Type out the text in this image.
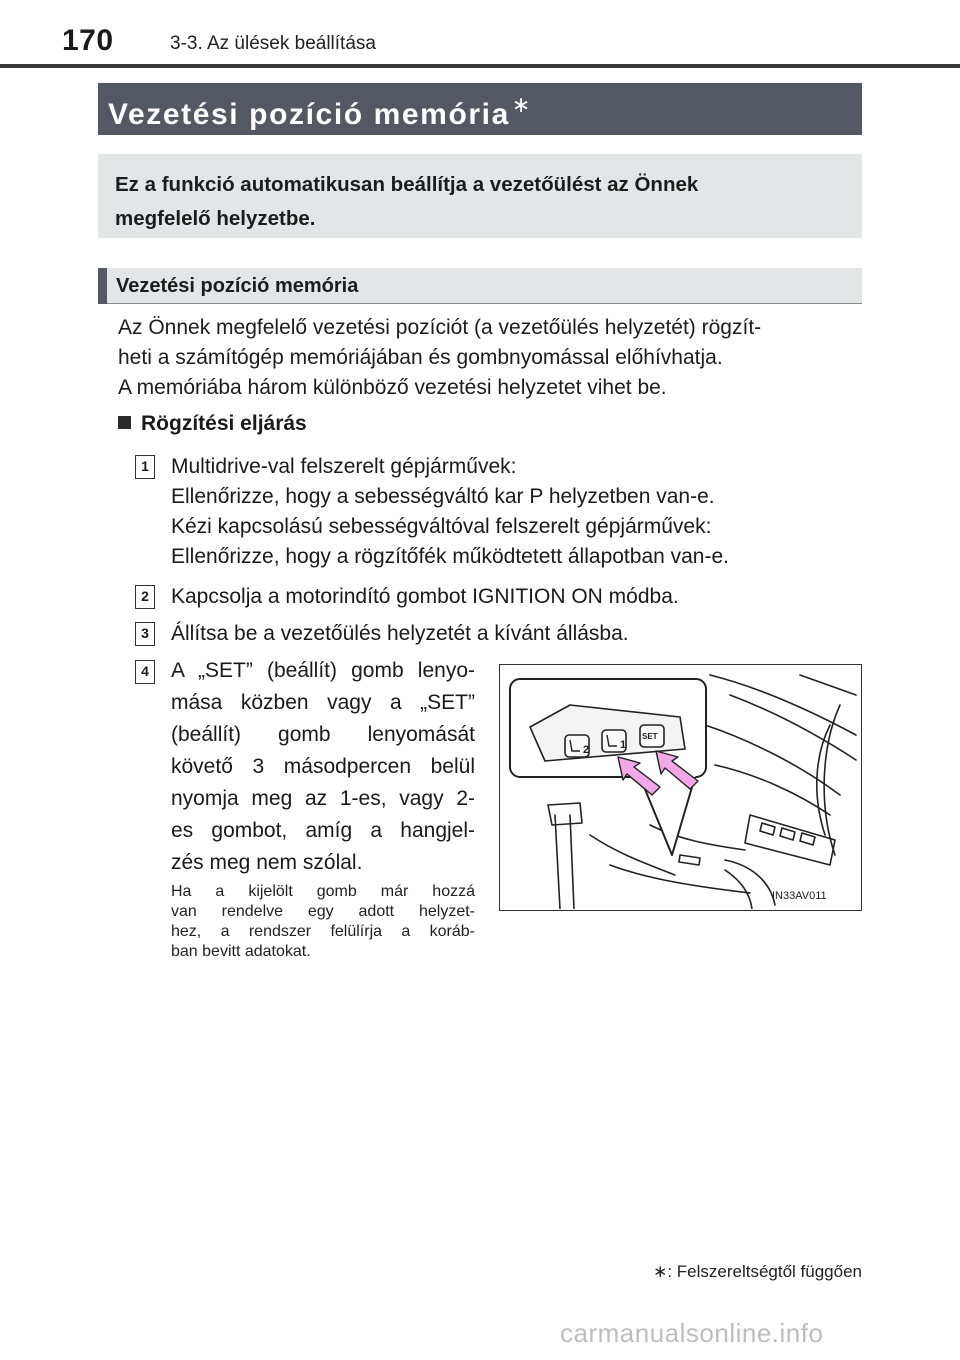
170	3-3. Az ülések beállítása
Vezetési pozíció memória∗
Ez a funkció automatikusan beállítja a vezetőülést az Önnek
megfelelő helyzetbe.
Vezetési pozíció memória
Az Önnek megfelelő vezetési pozíciót (a vezetőülés helyzetét) rögzít-
heti a számítógép memóriájában és gombnyomással előhívhatja.
A memóriába három különböző vezetési helyzetet vihet be.
Rögzítési eljárás
1 Multidrive-val felszerelt gépjárművek:
Ellenőrizze, hogy a sebességváltó kar P helyzetben van-e.
Kézi kapcsolású sebességváltóval felszerelt gépjárművek:
Ellenőrizze, hogy a rögzítőfék működtetett állapotban van-e.
2 Kapcsolja a motorindító gombot IGNITION ON módba.
3 Állítsa be a vezetőülés helyzetét a kívánt állásba.
4 A „SET” (beállít) gomb lenyo-
mása közben vagy a „SET”
(beállít) gomb lenyomását
követő 3 másodpercen belül
nyomja meg az 1-es, vagy 2-
es gombot, amíg a hangjel-
zés meg nem szólal.
Ha a kijelölt gomb már hozzá
van rendelve egy adott helyzet-
hez, a rendszer felülírja a koráb-
ban bevitt adatokat.
2	1
SET
IN33AV011
∗: Felszereltségtől függően
carmanualsonline.info
